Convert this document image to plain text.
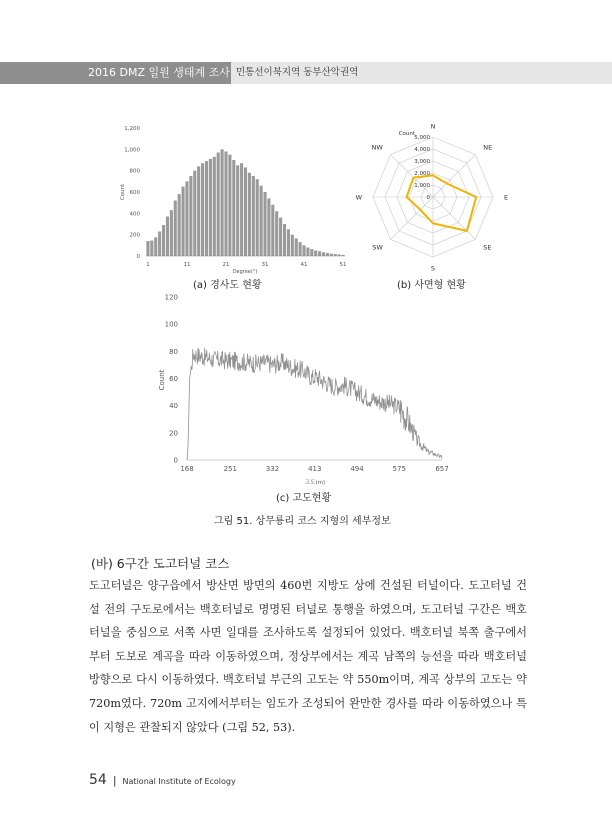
2016 DMZ 일원 생태계 조사 민통선이북지역 동부산악권역
0
200
400
600
800
1,000
1,200
1	11	21	31	41	51
Degree(°)
Count	0
1,000
2,000
3,000
4,000
5,000
Count
N
NE
E
SE
S
SW
W
NW
0
20
40
60
80
100
120
168	251	332	413	494	575	657
고도(m)
Count
(a) 경사도 현황	(b) 사면형 현황
(c) 고도현황
그림 51. 상무룡리 코스 지형의 세부정보
(바) 6구간 도고터널 코스
도고터널은 양구읍에서 방산면 방면의 460번 지방도 상에 건설된 터널이다. 도고터널 건설 전의 구도로에서는 백호터널로 명명된 터널로 통행을 하였으며, 도고터널 구간은 백호터널을 중심으로 서쪽 사면 일대를 조사하도록 설정되어 있었다. 백호터널 북쪽 출구에서부터 도보로 계곡을 따라 이동하였으며, 정상부에서는 계곡 남쪽의 능선을 따라 백호터널 방향으로 다시 이동하였다. 백호터널 부근의 고도는 약 550m이며, 계곡 상부의 고도는 약 720m였다. 720m 고지에서부터는 임도가 조성되어 완만한 경사를 따라 이동하였으나 특이 지형은 관찰되지 않았다 (그림 52, 53).
54 | National Institute of Ecology
